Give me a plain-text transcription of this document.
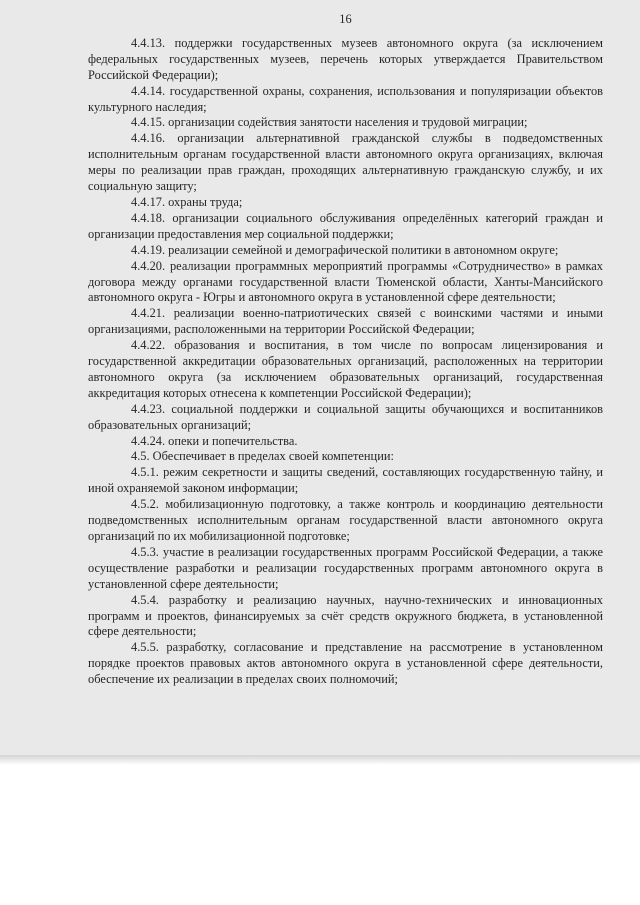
16

4.4.13. поддержки государственных музеев автономного округа (за исключением федеральных государственных музеев, перечень которых утверждается Правительством Российской Федерации);

4.4.14. государственной охраны, сохранения, использования и популяризации объектов культурного наследия;

4.4.15. организации содействия занятости населения и трудовой миграции;

4.4.16. организации альтернативной гражданской службы в подведомственных исполнительным органам государственной власти автономного округа организациях, включая меры по реализации прав граждан, проходящих альтернативную гражданскую службу, и их социальную защиту;

4.4.17. охраны труда;

4.4.18. организации социального обслуживания определённых категорий граждан и организации предоставления мер социальной поддержки;

4.4.19. реализации семейной и демографической политики в автономном округе;

4.4.20. реализации программных мероприятий программы «Сотрудничество» в рамках договора между органами государственной власти Тюменской области, Ханты-Мансийского автономного округа - Югры и автономного округа в установленной сфере деятельности;

4.4.21. реализации военно-патриотических связей с воинскими частями и иными организациями, расположенными на территории Российской Федерации;

4.4.22. образования и воспитания, в том числе по вопросам лицензирования и государственной аккредитации образовательных организаций, расположенных на территории автономного округа (за исключением образовательных организаций, государственная аккредитация которых отнесена к компетенции Российской Федерации);

4.4.23. социальной поддержки и социальной защиты обучающихся и воспитанников образовательных организаций;

4.4.24. опеки и попечительства.

4.5. Обеспечивает в пределах своей компетенции:

4.5.1. режим секретности и защиты сведений, составляющих государственную тайну, и иной охраняемой законом информации;

4.5.2. мобилизационную подготовку, а также контроль и координацию деятельности подведомственных исполнительным органам государственной власти автономного округа организаций по их мобилизационной подготовке;

4.5.3. участие в реализации государственных программ Российской Федерации, а также осуществление разработки и реализации государственных программ автономного округа в установленной сфере деятельности;

4.5.4. разработку и реализацию научных, научно-технических и инновационных программ и проектов, финансируемых за счёт средств окружного бюджета, в установленной сфере деятельности;

4.5.5. разработку, согласование и представление на рассмотрение в установленном порядке проектов правовых актов автономного округа в установленной сфере деятельности, обеспечение их реализации в пределах своих полномочий;
